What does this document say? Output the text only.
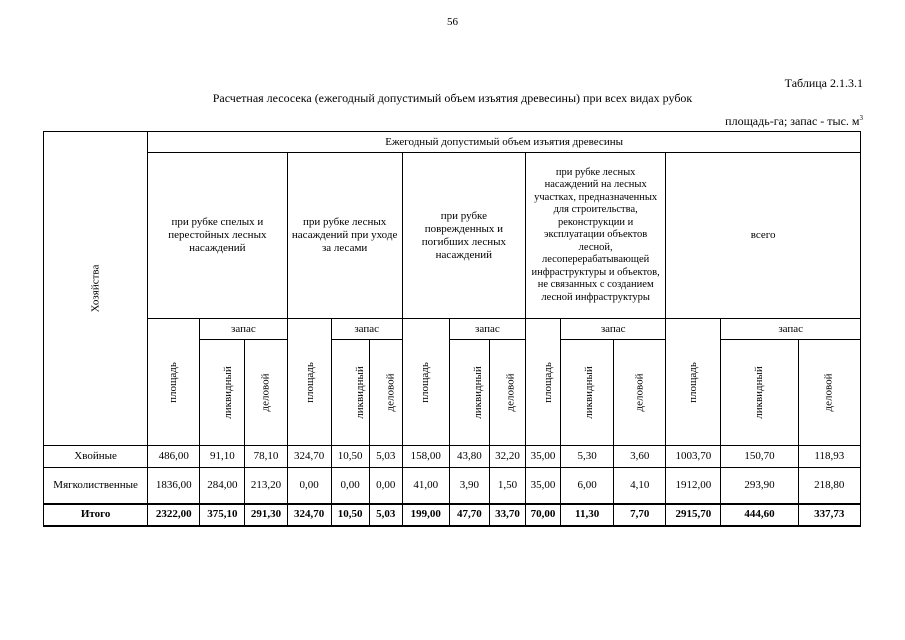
56
Таблица 2.1.3.1
Расчетная лесосека (ежегодный допустимый объем изъятия древесины) при всех видах рубок
площадь-га; запас - тыс. $м^3$
Хозяйства	Ежегодный допустимый объем изъятия древесины														
	при рубке спелых и перестойных лесных насаждений			при рубке лесных насаждений при уходе за лесами			при рубке поврежденных и погибших лесных насаждений			при рубке лесных насаждений на лесных участках, предназначенных для строительства, реконструкции и эксплуатации объектов лесной, лесоперерабатывающей инфраструктуры и объектов, не связанных с созданием лесной инфраструктуры			всего		
	площадь	запас		площадь	запас		площадь	запас		площадь	запас		площадь	запас	
		ликвидный	деловой		ликвидный	деловой		ликвидный	деловой		ликвидный	деловой		ликвидный	деловой
Хвойные	486,00	91,10	78,10	324,70	10,50	5,03	158,00	43,80	32,20	35,00	5,30	3,60	1003,70	150,70	118,93
Мягколиственные	1836,00	284,00	213,20	0,00	0,00	0,00	41,00	3,90	1,50	35,00	6,00	4,10	1912,00	293,90	218,80
Итого	2322,00	375,10	291,30	324,70	10,50	5,03	199,00	47,70	33,70	70,00	11,30	7,70	2915,70	444,60	337,73
